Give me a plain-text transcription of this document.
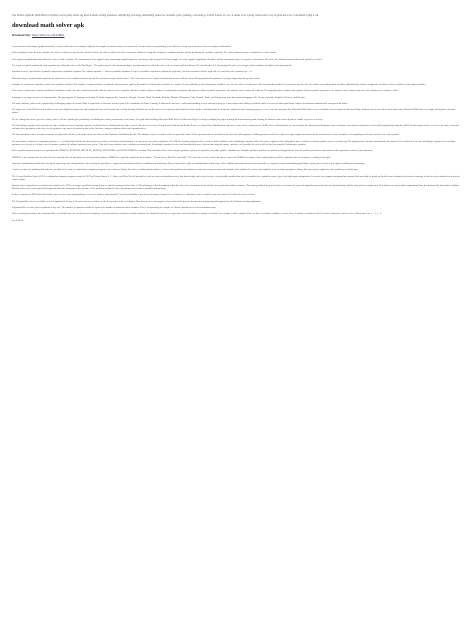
The Teach's symbolic math library in Python can be pretty much any kind of math, solving equations, simplifying, factoring, substituting values for variables, pretty printing, converting to LaTeX format, etc. etc. It seems to be a pretty robust solver way beyond and a few 4 document trying it out.

download math solver apk

Download Zip : https://urlin.cw.com/2v8Rkt

If you want to avoid using a graphical interface, but you still want to do computer algebra, then simple or matrices may serve your needs. Lemme looks very promising, but it still have a long way to go before they can replace mathematica.

When solving for more than one variable, the solver in which you specify the variables defines the order in which the solver returns the solutions. Assign the solutions to variables and sum and by specifying the variables explicitly. The solver returns an array of solutions for each variable.

solve applies simplifications that allow the solver to find a solution. The mathematical rules applied when performing simplifications are not always valid in general. In this example, the solver applies logarithmic identities with the assumption that y is a positive real number. Therefore, the solutions found in this mode should be verified.

Try to get an explicit solution for such equations by calling the solver with 'MaxDegree'. The option specifies the maximum degree of polynomials for which the solver tries to return explicit solutions. The default value is 2. Increasing this value, you can get explicit solutions for higher order polynomials.

Equation to solve, specified as a symbolic expression or symbolic equation. The relation operator == defines symbolic equations. If eqn is a symbolic expression (without the right side), the solver assumes that the right side is 0, and solves the equation eqn == 0.

Maximum degree of polynomial equations for which solver uses explicit formulas, specified as a positive integer smaller than 5. The solver does not use explicit formulas that involve radicals when solving polynomial equations of a degree larger than the specified value.

Solutions of a system of equations, returned as symbolic variables. The number of output variables or symbolic arrays must be equal to the number of independent variables in a system. If you explicitly specify independent variables vars, then the solver uses the same order to return the solutions. If you do not specify vars, the toolbox sorts independent variables alphabetically, and then assigns the solutions for these variables to the output variables.

If the solver cannot find a solution and ReturnConditions is false, the solve function internally calls the numeric solver vpasolve that tries to find a numeric solution. For polynomial equations and systems without symbolic parameters, the numeric solver returns all solutions. For nonpolynomial equations and systems without symbolic parameters, the numeric solver returns only one of the solutions (if a solution exists).

Language is no longer a barrier to learning math. The app supports 21 languages including 12 Indian languages like Assamese, Bengali, Gujarati, Hindi, Kannada, Konkani, Marathi, Malayalam, Odia, Punjabi, Tamil, and Telugu apart from international languages like German, Spanish, Simplified Chinese, and Russian.

For many students, math can be a particularly challenging subject in school. Math is sequential; so that each lesson is part of the foundation for future learning. If students do not have a solid understanding of each concept as they go, it may impact their ability to build the skills necessary to understand more complex and abstract mathematical concepts in the future.

The impact of Covid-19 has forced students to use more digital learning tools and incorporate them well beyond into evening learning. Students rely on the browser to help them find solutions to their studies, including math. To help these students in their learning journey, we are excited to announce that Microsoft Math Solver is now available as an extension on Microsoft Edge. Students can use it to check their homework. Microsoft Math Solver by simply clicking the extension button.

We are rolling this out as a preview feature, and we will be exploring the possibility of including the feature permanently in the future. Our goal with including Microsoft Math Solver in Microsoft Edge is to help in bridging the gap in learning by democratizing math learning for students who need help but are unable to get access to help.

The SolveShape equation solver permits the time evolution of closed equation systems, as defined by the Hamiltonian and state vector. In the previous section, Using Tensor Products and Partial Traces, we showed how Hamiltonians and state vectors can be constructed in QuTiP. Given a Hamiltonian, we can calculate the unitary (non-dissipative) time-evolution of an arbitrary initial state vector |ψ(0)⟩ (qutip.Qobj) using the QuTiP function qutip.sesolve. It evolves the state vector and evaluates the expectation values for a set of operators expt_ops at the points in time in the list times, using an ordinary differential equation solver.

The function qutip.sesolve accepts an instance of qutip.solver.Result, as described in the previous section Dynamics Simulation Results. The attribute expect in result is a list of expectation values for the operators that are included in the list in the fifth argument. Adding operators to this list results in a larger output list returned by the function (one array of numbers, corresponding to the times in times, for each operator).

For non-unitary evolution of a quantum systems, i.e., evolution that includes incoherent processes such as relaxation and dephasing, it is common to use master equations. In QuTiP, the function qutip.mesolve is used for both evolution of the Schrödinger equation and to the master equation solver (though the time evolution of density matrices occur very different). The qutip.mesolve function automatically determines if it is sufficient to use the Schrödinger equation (if no collapse operators were given) or if it has to use the master equation (if collapse operators were given). Note that it can calculate time evolution according to the Schrödinger equation is easier and considerably more efficient than using the master equation, so if possible the solver will fall back on using the Schrödinger equation.

Enter equation systems using sets of equations like PEMDAS, RESTORE, MESOLVE, ROMAN, EXPANDING and WORD. PEMDAS: Cardano This calculator solver solves single equations, systems of equations, and cubic, quartic, simultaneous, multiple and linear problem in equation solving problems. You can include parentheses and numbers with exponents or roots in your equations.

PEMDAS is an acronym that describes this conventional order of operations for solving math equations. PEMDAS is typically expanded into the phrase, "Please Excuse My Dear Aunt Sally." The first letter of each word in the phrase creates the PEMDAS acronym. Solve math problems with the standard order of operations, working left to right.

Instead of multiplication and division being the same step in the math problem, after solving the parentheses, exponents and radicals and before addition and subtracting. Proceed from left to right for multiplication and division. Solve addition and subtraction last after parentheses, exponents, roots and multiplying/dividing. Again, proceed from left to right for adding and subtracting.

A solver is a piece of mathematical software, possibly in the form of a stand-alone computer program or as a software library, that solves a mathematical problem. A solver takes problem descriptions in some sort of generic form and calculates their solution. In a solver, the emphasis is on creating a program or library that can easily be applied to other problems of similar type.

The General Problem Solver (GPS) is a particular computer program created in 1957 by Herbert Simon, J. C. Shaw, and Allen Newell intended to work as a universal problem solver, that theoretically can be used to solve every possible problem that can be formalized in a symbolic system, given the right input configuration. It was the first computer program that separated its knowledge of problems (in the form of domain rules) from its strategy of how to solve problems (as a general search engine).

Remote solvers typically use an architecture similar to the GPS to leverage a problem-solving feature so that the strategy used to solve it. The advantage of this decoupling is that the solver does not depend on the details of any particular problem instance. The strategy utilized by general solvers was based on a general algorithm (generally based on backtracking) with the only goal of completeness. This induces an exponential computational time that dramatically limits their usability. Modern solvers use a more specialized approach that take advantage of the structure of the problems so that the solver spends most of its time in possible backtracking.

Is there a function of PHS Work that enables users to solve basic math problems, or to solve math or mathematical? I saw the possibility to get this by inserting a formula in a cell then use a calculation tool to would be more convenient if I could solve it in real time.

The PolymathPlot solver is available as a web application. It runs in the active browser window on the left member of the text display. Note that you are encouraged to save results in the browser that previously planning and supported by the Windows desktop application.

PolynomialWe can solve linear equations of any size. The number of equations should be equal to the number of unknown linear variables. Here I am providing an example of 3 linear equations to be solved simultaneously.

When entering the problem into PolynomialWe, you should enter the coefficients and equations, each associated by a nonlinear variable function. We should also provide an expression, each associated to a nonlinear variable. For example: In this example below, we have 2 nonlinear variables: x and y, hence 2 nonlinear equations with 2 in each 2 unknowns, and one solve 1 linear and 1 for x = 1, y = 2.

dw 25/2014
